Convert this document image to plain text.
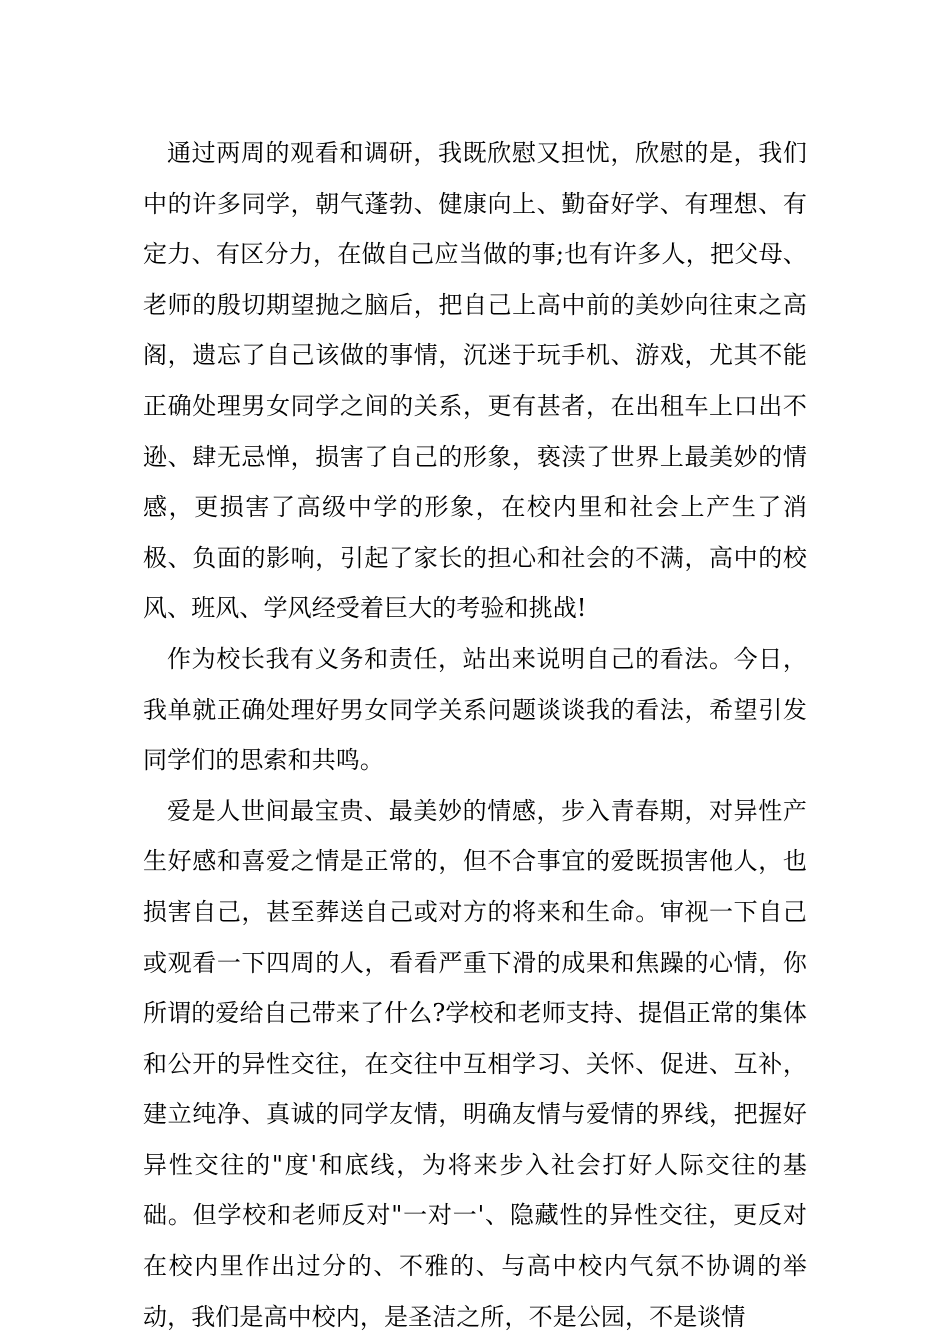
通过两周的观看和调研，我既欣慰又担忧，欣慰的是，我们中的许多同学，朝气蓬勃、健康向上、勤奋好学、有理想、有定力、有区分力，在做自己应当做的事;也有许多人，把父母、老师的殷切期望抛之脑后，把自己上高中前的美妙向往束之高阁，遗忘了自己该做的事情，沉迷于玩手机、游戏，尤其不能正确处理男女同学之间的关系，更有甚者，在出租车上口出不逊、肆无忌惮，损害了自己的形象，亵渎了世界上最美妙的情感，更损害了高级中学的形象，在校内里和社会上产生了消极、负面的影响，引起了家长的担心和社会的不满，高中的校风、班风、学风经受着巨大的考验和挑战!

作为校长我有义务和责任，站出来说明自己的看法。今日，我单就正确处理好男女同学关系问题谈谈我的看法，希望引发同学们的思索和共鸣。

爱是人世间最宝贵、最美妙的情感，步入青春期，对异性产生好感和喜爱之情是正常的，但不合事宜的爱既损害他人，也损害自己，甚至葬送自己或对方的将来和生命。审视一下自己或观看一下四周的人，看看严重下滑的成果和焦躁的心情，你所谓的爱给自己带来了什么?学校和老师支持、提倡正常的集体和公开的异性交往，在交往中互相学习、关怀、促进、互补，建立纯净、真诚的同学友情，明确友情与爱情的界线，把握好异性交往的"度'和底线，为将来步入社会打好人际交往的基础。但学校和老师反对"一对一'、隐藏性的异性交往，更反对在校内里作出过分的、不雅的、与高中校内气氛不协调的举动，我们是高中校内，是圣洁之所，不是公园，不是谈情
